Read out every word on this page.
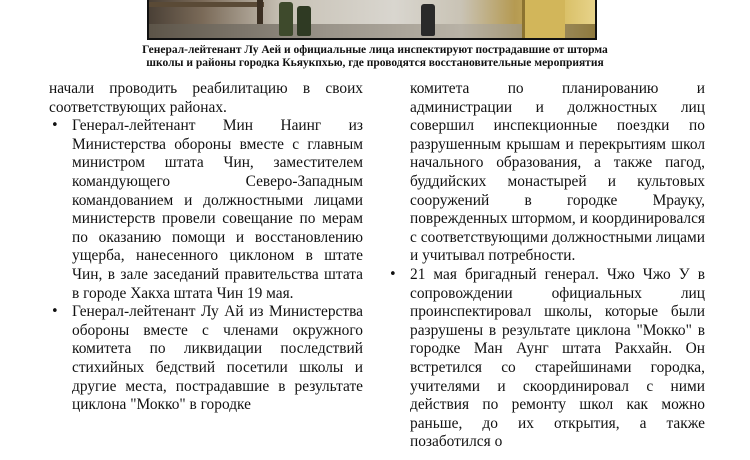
Генерал-лейтенант Лу Аей и официальные лица инспектируют пострадавшие от шторма
школы и районы городка Кьяукпхью, где проводятся восстановительные мероприятия

начали проводить реабилитацию в своих соответствующих районах.

• Генерал-лейтенант Мин Наинг из Министерства обороны вместе с главным министром штата Чин, заместителем командующего Северо-Западным командованием и должностными лицами министерств провели совещание по мерам по оказанию помощи и восстановлению ущерба, нанесенного циклоном в штате Чин, в зале заседаний правительства штата в городе Хакха штата Чин 19 мая.

• Генерал-лейтенант Лу Ай из Министерства обороны вместе с членами окружного комитета по ликвидации последствий стихийных бедствий посетили школы и другие места, пострадавшие в результате циклона "Мокко" в городке

комитета по планированию и администрации и должностных лиц совершил инспекционные поездки по разрушенным крышам и перекрытиям школ начального образования, а также пагод, буддийских монастырей и культовых сооружений в городке Мрауку, поврежденных штормом, и координировался с соответствующими должностными лицами и учитывал потребности.

• 21 мая бригадный генерал. Чжо Чжо У в сопровождении официальных лиц проинспектировал школы, которые были разрушены в результате циклона "Мокко" в городке Ман Аунг штата Ракхайн. Он встретился со старейшинами городка, учителями и скоординировал с ними действия по ремонту школ как можно раньше, до их открытия, а также позаботился о
